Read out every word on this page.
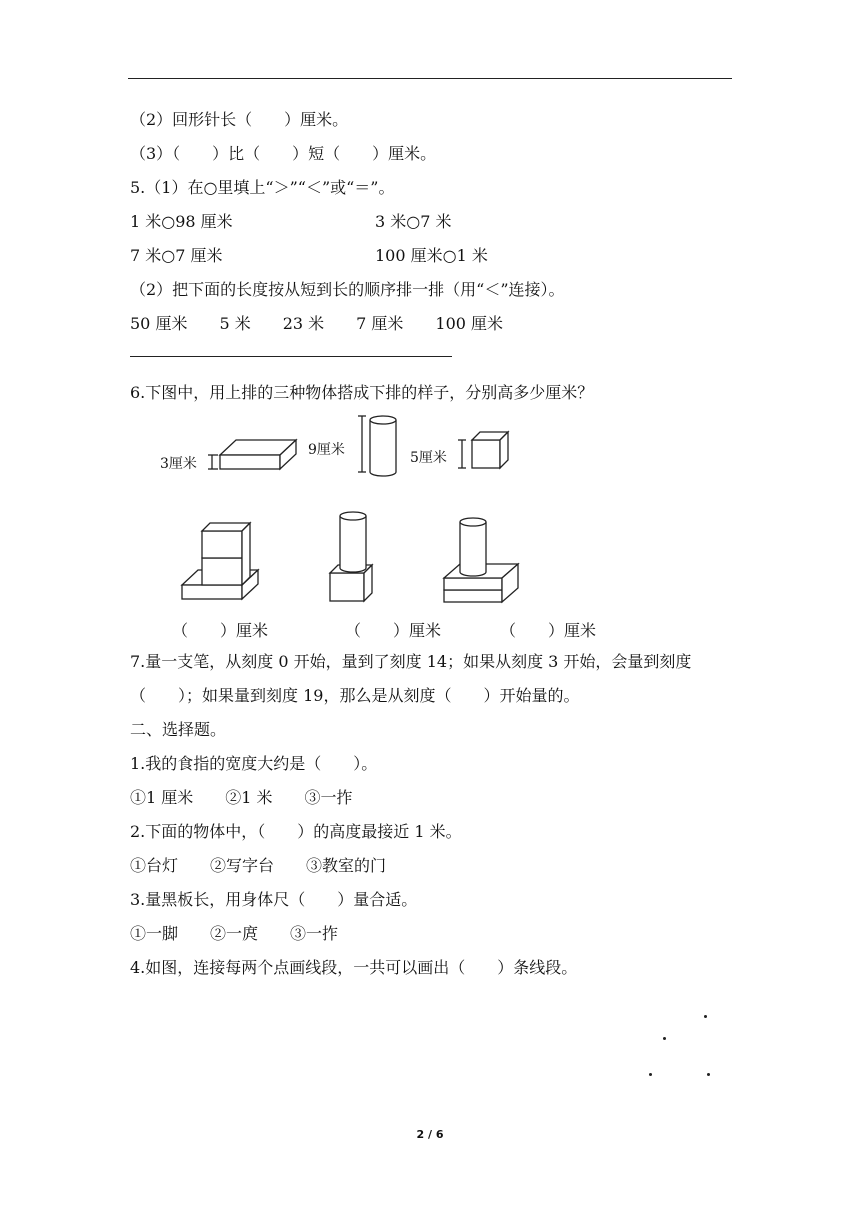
（2）回形针长（　　）厘米。
（3）（　　）比（　　）短（　　）厘米。
5.（1）在○里填上“＞”“＜”或“＝”。
1 米○98 厘米	3 米○7 米
7 米○7 厘米	100 厘米○1 米
（2）把下面的长度按从短到长的顺序排一排（用“＜”连接）。
50 厘米　　5 米　　23 米　　7 厘米　　100 厘米
6.下图中，用上排的三种物体搭成下排的样子，分别高多少厘米？
3厘米
9厘米	5厘米
（　　）厘米	（　　）厘米	（　　）厘米
7.量一支笔，从刻度 0 开始，量到了刻度 14；如果从刻度 3 开始，会量到刻度
（　　）；如果量到刻度 19，那么是从刻度（　　）开始量的。
二、选择题。
1.我的食指的宽度大约是（　　）。
①1 厘米　　②1 米　　③一拃
2.下面的物体中，（　　）的高度最接近 1 米。
①台灯　　②写字台　　③教室的门
3.量黑板长，用身体尺（　　）量合适。
①一脚　　②一庹　　③一拃
4.如图，连接每两个点画线段，一共可以画出（　　）条线段。
2 / 6
